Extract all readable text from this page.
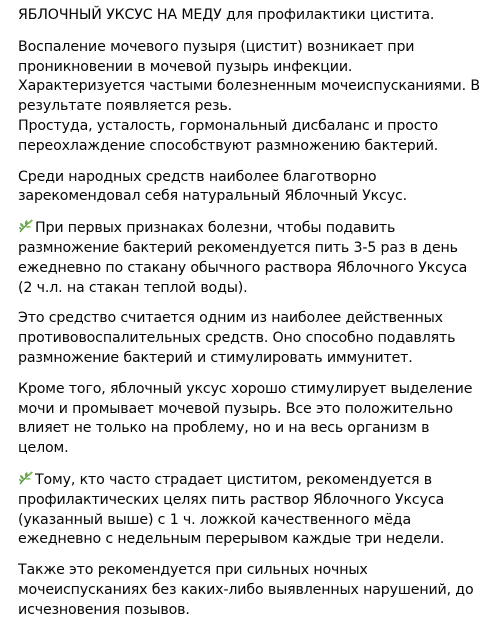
ЯБЛОЧНЫЙ УКСУС НА МЕДУ для профилактики цистита.

Воспаление мочевого пузыря (цистит) возникает при проникновении в мочевой пузырь инфекции. Характеризуется частыми болезненным мочеиспусканиями. В результате появляется резь.
Простуда, усталость, гормональный дисбаланс и просто переохлаждение способствуют размножению бактерий.

Среди народных средств наиболее благотворно зарекомендовал себя натуральный Яблочный Уксус.

При первых признаках болезни, чтобы подавить размножение бактерий рекомендуется пить 3-5 раз в день ежедневно по стакану обычного раствора Яблочного Уксуса (2 ч.л. на стакан теплой воды).

Это средство считается одним из наиболее действенных противовоспалительных средств. Оно способно подавлять размножение бактерий и стимулировать иммунитет.

Кроме того, яблочный уксус хорошо стимулирует выделение мочи и промывает мочевой пузырь. Все это положительно влияет не только на проблему, но и на весь организм в целом.

Тому, кто часто страдает циститом, рекомендуется в профилактических целях пить раствор Яблочного Уксуса (указанный выше) с 1 ч. ложкой качественного мёда ежедневно с недельным перерывом каждые три недели.

Также это рекомендуется при сильных ночных мочеиспусканиях без каких-либо выявленных нарушений, до исчезновения позывов.
